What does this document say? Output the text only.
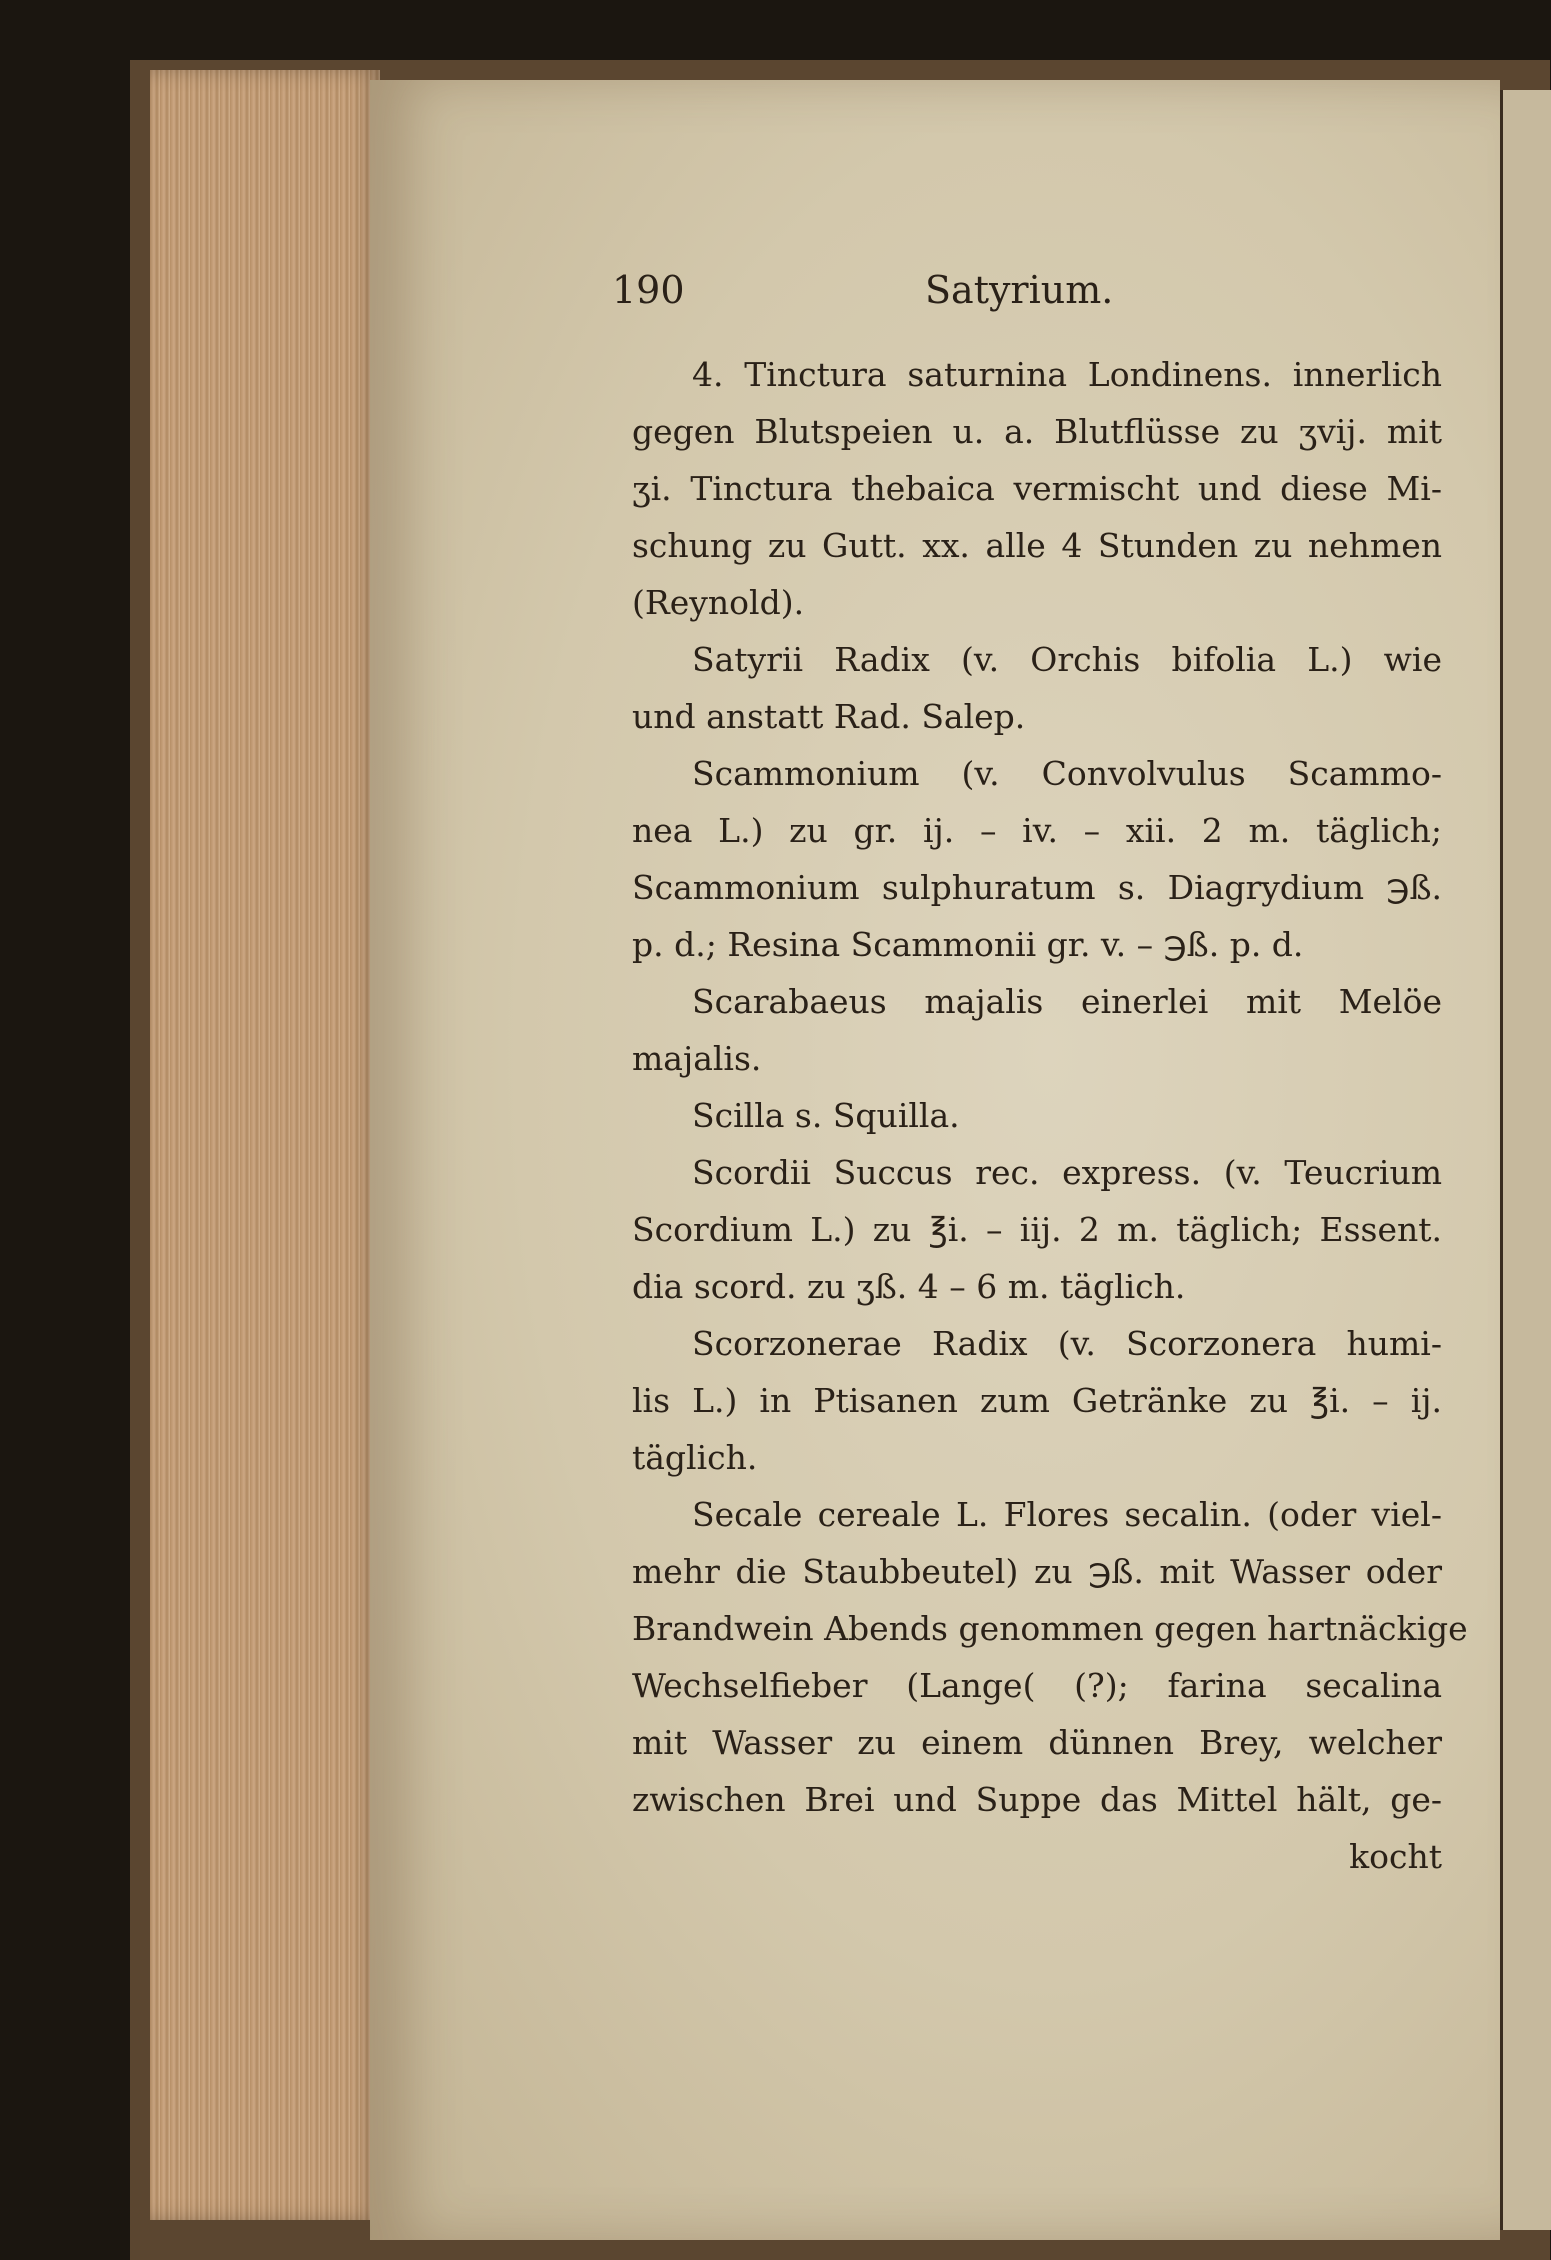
190	Satyrium.
4. Tinctura saturnina Londinens. innerlich
gegen Blutspeien u. a. Blutflüsse zu ʒvij. mit
ʒi. Tinctura thebaica vermischt und diese Mi-
schung zu Gutt. xx. alle 4 Stunden zu nehmen
(Reynold).
Satyrii Radix (v. Orchis bifolia L.) wie
und anstatt Rad. Salep.
Scammonium (v. Convolvulus Scammo-
nea L.) zu gr. ij. – iv. – xii. 2 m. täglich;
Scammonium sulphuratum s. Diagrydium ℈ß.
p. d.; Resina Scammonii gr. v. – ℈ß. p. d.
Scarabaeus majalis einerlei mit Melöe
majalis.
Scilla s. Squilla.
Scordii Succus rec. express. (v. Teucrium
Scordium L.) zu ℥i. – iij. 2 m. täglich; Essent.
dia scord. zu ʒß. 4 – 6 m. täglich.
Scorzonerae Radix (v. Scorzonera humi-
lis L.) in Ptisanen zum Getränke zu ℥i. – ij.
täglich.
Secale cereale L. Flores secalin. (oder viel-
mehr die Staubbeutel) zu ℈ß. mit Wasser oder
Brandwein Abends genommen gegen hartnäckige
Wechselfieber (Lange( (?); farina secalina
mit Wasser zu einem dünnen Brey, welcher
zwischen Brei und Suppe das Mittel hält, ge-
kocht
